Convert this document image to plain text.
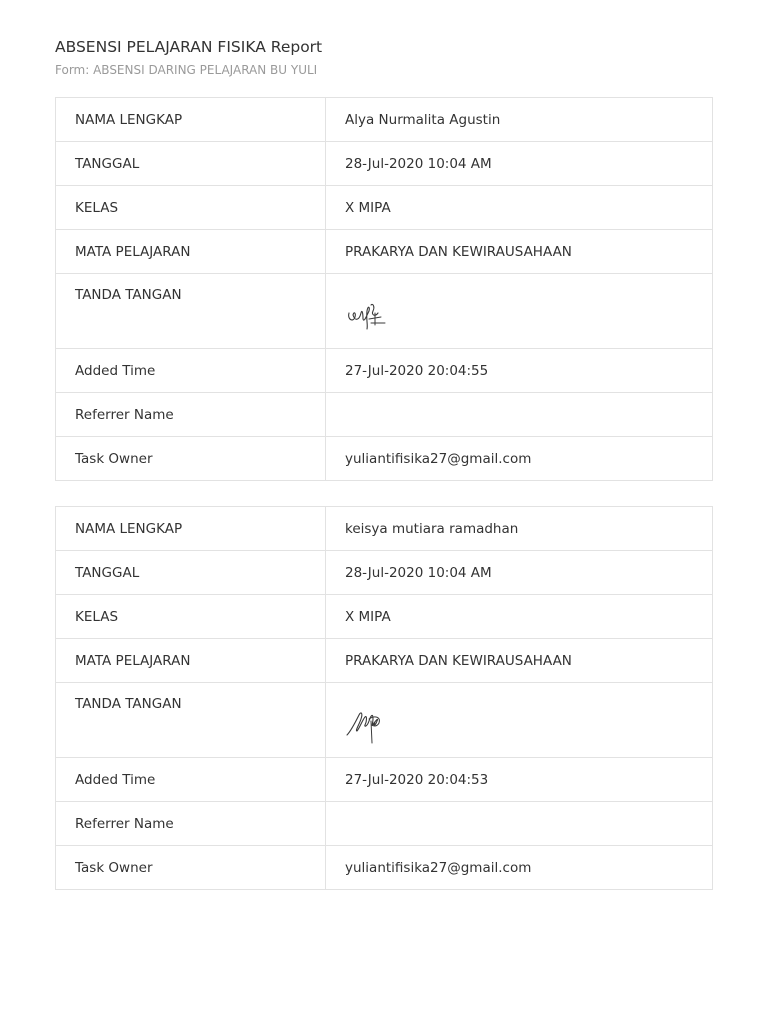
ABSENSI PELAJARAN FISIKA Report
Form: ABSENSI DARING PELAJARAN BU YULI
NAMA LENGKAP	Alya Nurmalita Agustin
TANGGAL	28-Jul-2020 10:04 AM
KELAS	X MIPA
MATA PELAJARAN	PRAKARYA DAN KEWIRAUSAHAAN
TANDA TANGAN	

Added Time	27-Jul-2020 20:04:55
Referrer Name	
Task Owner	yuliantifisika27@gmail.com
NAMA LENGKAP	keisya mutiara ramadhan
TANGGAL	28-Jul-2020 10:04 AM
KELAS	X MIPA
MATA PELAJARAN	PRAKARYA DAN KEWIRAUSAHAAN
TANDA TANGAN	

Added Time	27-Jul-2020 20:04:53
Referrer Name	
Task Owner	yuliantifisika27@gmail.com
